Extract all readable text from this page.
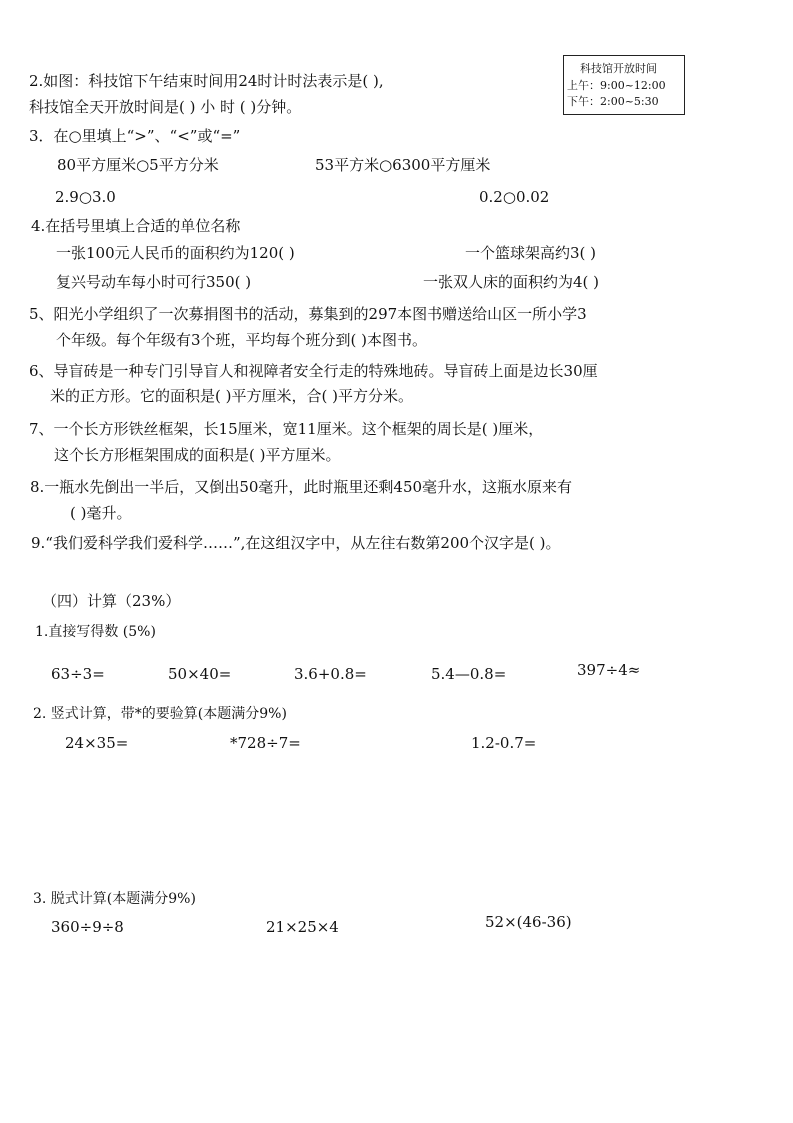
科技馆开放时间
上午：9:00~12:00
下午：2:00~5:30
2.如图：科技馆下午结束时间用24时计时法表示是( ),
科技馆全天开放时间是( ) 小 时 ( )分钟。
3．在○里填上“>”、“<”或“=”
80平方厘米○5平方分米	53平方米○6300平方厘米
2.9○3.0	0.2○0.02
4.在括号里填上合适的单位名称
一张100元人民币的面积约为120( )	一个篮球架高约3( )
复兴号动车每小时可行350( )	一张双人床的面积约为4( )
5、阳光小学组织了一次募捐图书的活动，募集到的297本图书赠送给山区一所小学3
个年级。每个年级有3个班，平均每个班分到( )本图书。
6、导盲砖是一种专门引导盲人和视障者安全行走的特殊地砖。导盲砖上面是边长30厘
米的正方形。它的面积是( )平方厘米，合( )平方分米。
7、一个长方形铁丝框架，长15厘米，宽11厘米。这个框架的周长是( )厘米，
这个长方形框架围成的面积是( )平方厘米。
8.一瓶水先倒出一半后，又倒出50毫升，此时瓶里还剩450毫升水，这瓶水原来有
( )毫升。
9.“我们爱科学我们爱科学……”,在这组汉字中，从左往右数第200个汉字是( )。
（四）计算（23%）
1.直接写得数 (5%)
63÷3=	50×40=	3.6+0.8=	5.4—0.8=	397÷4≈
2. 竖式计算，带*的要验算(本题满分9%)
24×35=	*728÷7=	1.2-0.7=
3. 脱式计算(本题满分9%)
360÷9÷8	21×25×4	52×(46-36)
